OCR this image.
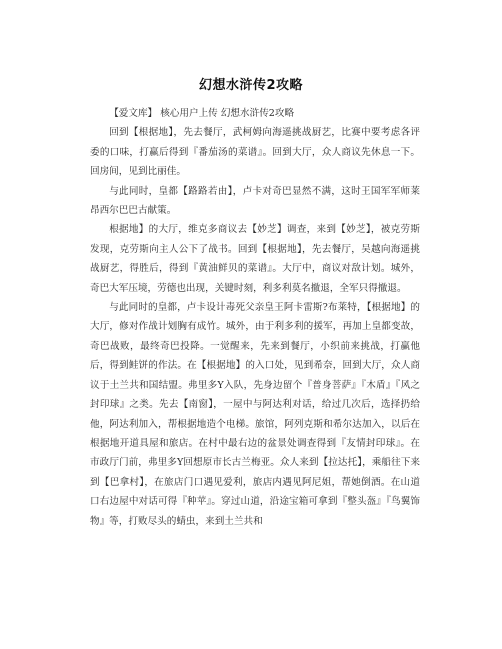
幻想水浒传2攻略

【爱文库】 核心用户上传 幻想水浒传2攻略

回到【根据地】，先去餐厅，武柯姆向海遥挑战厨艺，比赛中要考虑各评委的口味，打赢后得到『番茄汤的菜谱』。回到大厅，众人商议先休息一下。回房间，见到比丽佳。

与此同时，皇都【路路若由】，卢卡对奇巴显然不满，这时王国军军师莱昂西尔巴巴古献策。

根据地】的大厅，维克多商议去【妙芝】调查，来到【妙芝】，被克劳斯发现，克劳斯向主人公下了战书。回到【根据地】，先去餐厅，吴越向海遥挑战厨艺，得胜后，得到『黄油鲜贝的菜谱』。大厅中，商议对敌计划。城外，奇巴大军压境，劳德也出现，关键时刻，利多利莫名撤退，全军只得撤退。

与此同时的皇都，卢卡设计毒死父亲皇王阿卡雷斯?布莱特，【根据地】的大厅，修对作战计划胸有成竹。城外，由于利多利的援军，再加上皇都变故，奇巴战败，最终奇巴投降。一觉醒来，先来到餐厅，小织前来挑战，打赢他后，得到鲑饼的作法。在【根据地】的入口处，见到希奈，回到大厅，众人商议于土兰共和国结盟。弗里多Y入队，先身边留个『普身菩萨』『木盾』『风之封印球』之类。先去【南窗】，一屋中与阿达利对话，给过几次后，选择扔给他，阿达利加入，帮根据地造个电梯。旅馆，阿列克斯和希尔达加入，以后在根据地开道具屋和旅店。在村中最右边的盆景处调查得到『友情封印球』。在市政厅门前，弗里多Y回想原市长古兰梅亚。众人来到【拉达托】，乘船往下来到【巴拿村】，在旅店门口遇见爱利，旅店内遇见阿尼姐，帮她倒酒。在山道口右边屋中对话可得『种苹』。穿过山道，沿途宝箱可拿到『整头盔』『鸟翼饰物』等，打败尽头的蜻虫，来到土兰共和
